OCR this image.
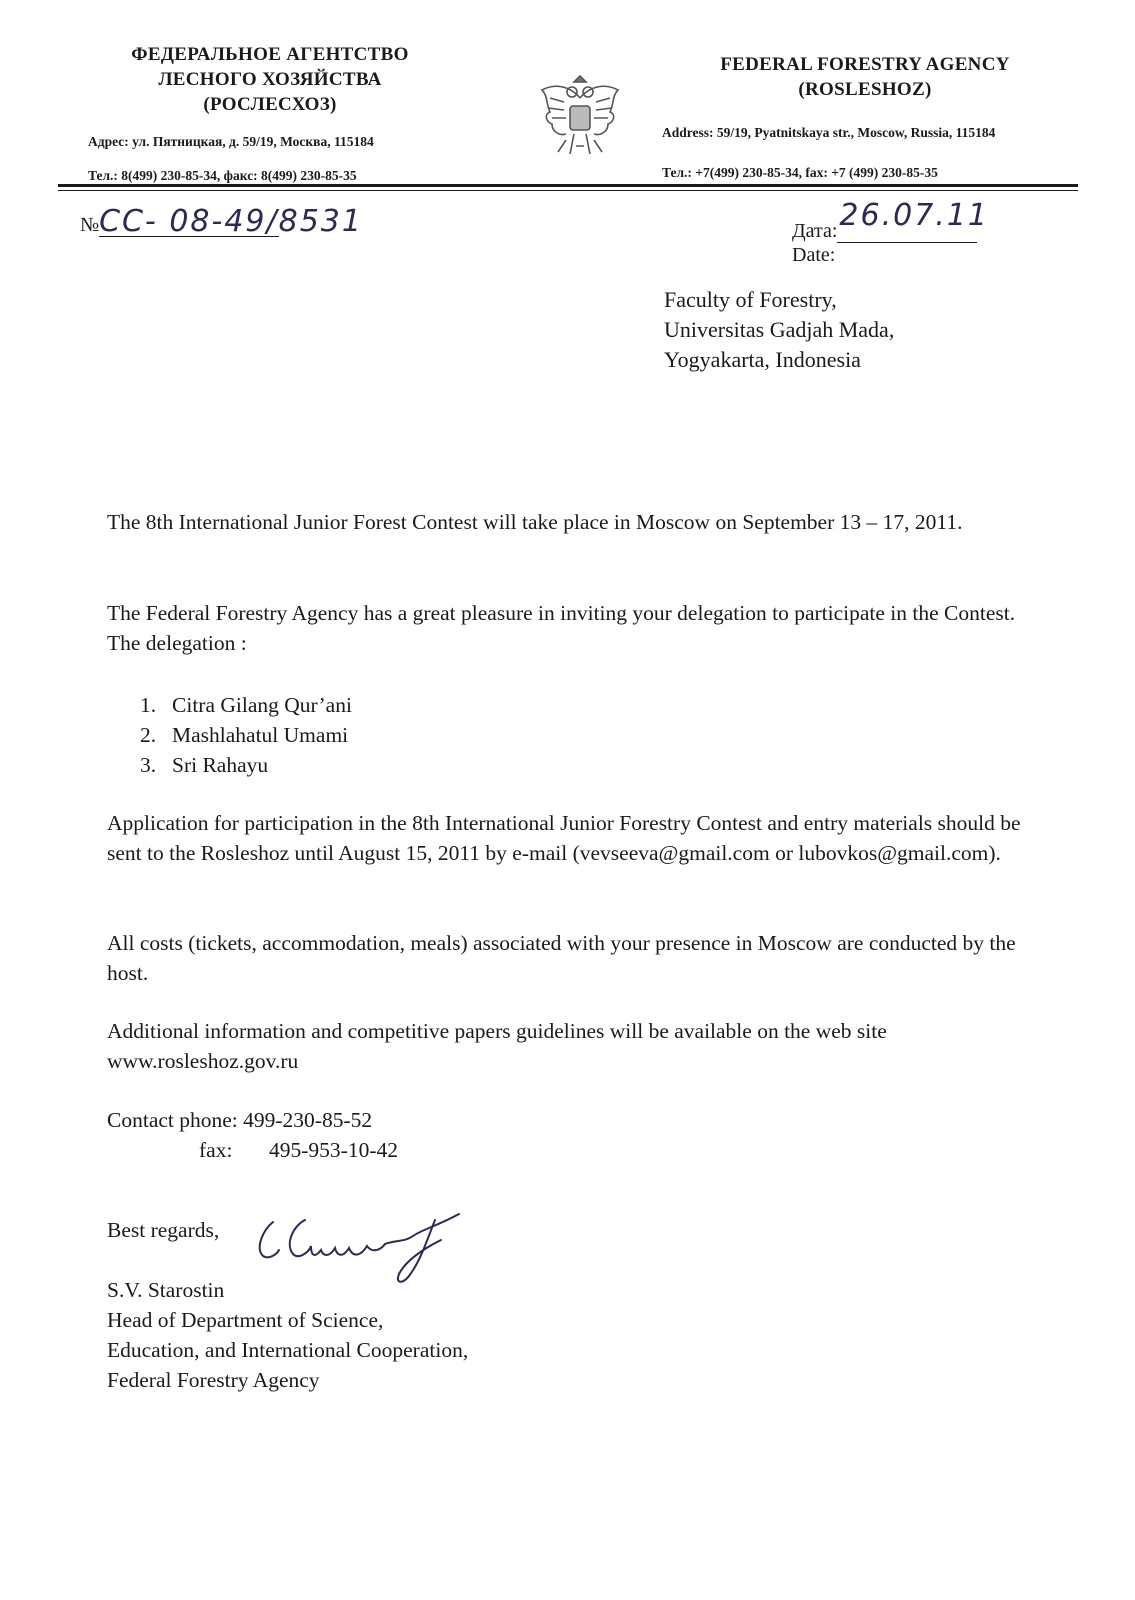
ФЕДЕРАЛЬНОЕ АГЕНТСТВО
ЛЕСНОГО ХОЗЯЙСТВА
(РОСЛЕСХОЗ)
Адрес: ул. Пятницкая, д. 59/19, Москва, 115184
Тел.: 8(499) 230-85-34, факс: 8(499) 230-85-35
FEDERAL FORESTRY AGENCY
(ROSLESHOZ)
Address: 59/19, Pyatnitskaya str., Moscow, Russia, 115184
Тел.: +7(499) 230-85-34, fax: +7 (499) 230-85-35
№СС- 08-49/8531	Дата: 26.07.11
Date:
Faculty of Forestry,
Universitas Gadjah Mada,
Yogyakarta, Indonesia
The 8th International Junior Forest Contest will take place in Moscow on September 13 – 17, 2011.
The Federal Forestry Agency has a great pleasure in inviting your delegation to participate in the Contest.
The delegation :
1. Citra Gilang Qur’ani
2. Mashlahatul Umami
3. Sri Rahayu
Application for participation in the 8th International Junior Forestry Contest and entry materials should be sent to the Rosleshoz until August 15, 2011 by e-mail (vevseeva@gmail.com or lubovkos@gmail.com).
All costs (tickets, accommodation, meals) associated with your presence in Moscow are conducted by the host.
Additional information and competitive papers guidelines will be available on the web site www.rosleshoz.gov.ru
Contact phone: 499-230-85-52
fax: 495-953-10-42
Best regards,
S.V. Starostin
Head of Department of Science,
Education, and International Cooperation,
Federal Forestry Agency
